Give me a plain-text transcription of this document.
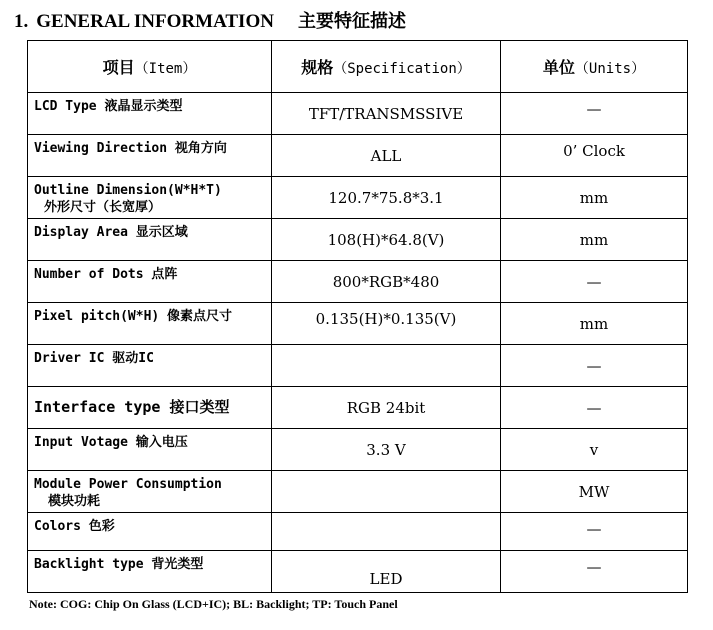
1. GENERAL INFORMATION 主要特征描述
项目（Item）	规格（Specification）	单位（Units）
LCD Type 液晶显示类型	TFT/TRANSMSSIVE	—
Viewing Direction 视角方向	ALL	0’ Clock

Outline Dimension(W*H*T)
外形尺寸（长宽厚）	120.7*75.8*3.1	mm
Display Area 显示区域	108(H)*64.8(V)	mm
Number of Dots 点阵	800*RGB*480	—
Pixel pitch(W*H) 像素点尺寸	0.135(H)*0.135(V)	mm
Driver IC 驱动IC		—
Interface type 接口类型	RGB 24bit	—
Input Votage 输入电压	3.3 V	v

Module Power Consumption
模块功耗		MW
Colors 色彩		—
Backlight type 背光类型	LED	—
Note: COG: Chip On Glass (LCD+IC); BL: Backlight; TP: Touch Panel
